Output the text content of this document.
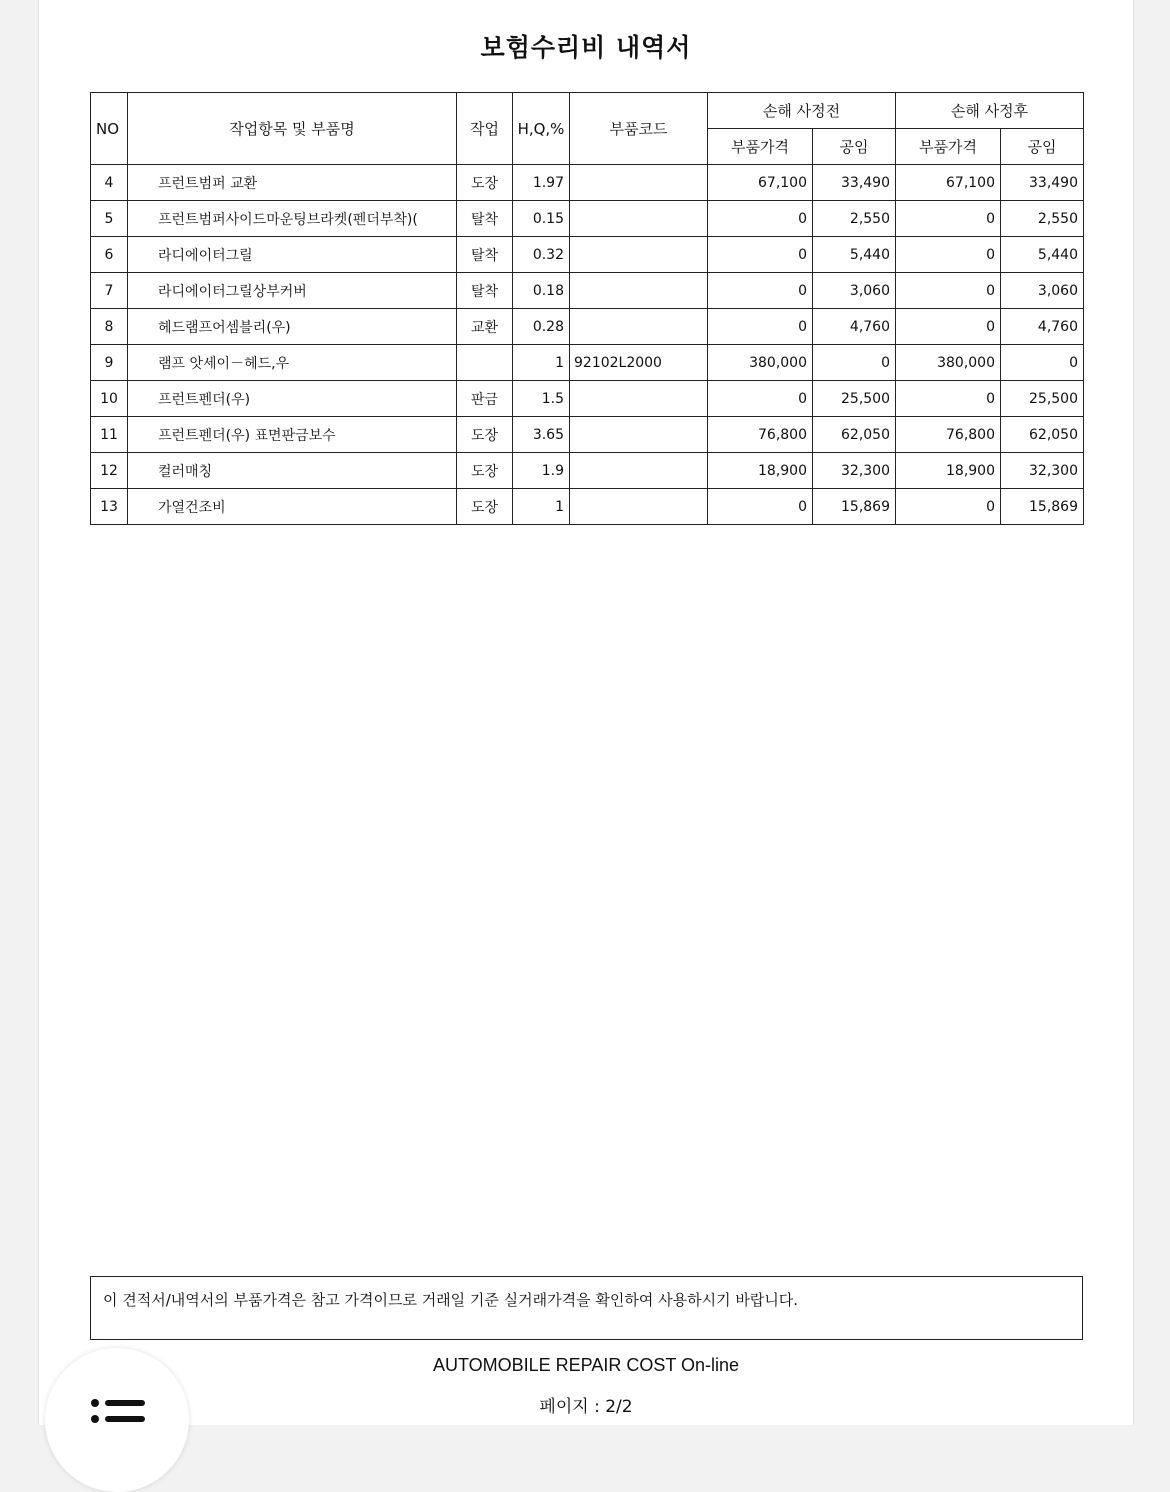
보험수리비 내역서
NO	작업항목 및 부품명	작업	H,Q,%	부품코드	손해 사정전		손해 사정후	
					부품가격	공임	부품가격	공임
4	프런트범퍼 교환	도장	1.97		67,100	33,490	67,100	33,490
5	프런트범퍼사이드마운팅브라켓(펜더부착)(	탈착	0.15		0	2,550	0	2,550
6	라디에이터그릴	탈착	0.32		0	5,440	0	5,440
7	라디에이터그릴상부커버	탈착	0.18		0	3,060	0	3,060
8	헤드램프어셈블리(우)	교환	0.28		0	4,760	0	4,760
9	램프 앗세이－헤드,우		1	92102L2000	380,000	0	380,000	0
10	프런트펜더(우)	판금	1.5		0	25,500	0	25,500
11	프런트펜더(우) 표면판금보수	도장	3.65		76,800	62,050	76,800	62,050
12	컬러매칭	도장	1.9		18,900	32,300	18,900	32,300
13	가열건조비	도장	1		0	15,869	0	15,869
이 견적서/내역서의 부품가격은 참고 가격이므로 거래일 기준 실거래가격을 확인하여 사용하시기 바랍니다.
AUTOMOBILE REPAIR COST On-line
페이지 : 2/2
